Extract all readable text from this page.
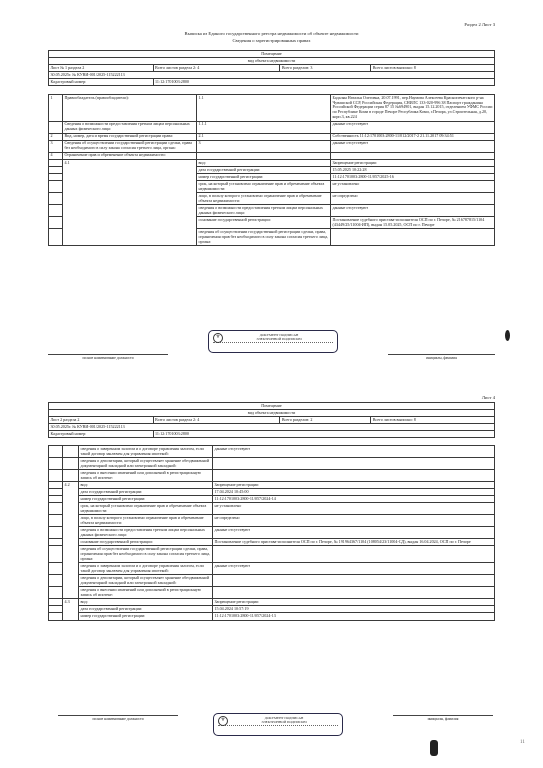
Раздел 2 Лист 3
Выписка из Единого государственного реестра недвижимости об объекте недвижимости
Сведения о зарегистрированных правах
Помещение			
вид объекта недвижимости			
Лист № 1 раздела 2	Всего листов раздела 2: 4	Всего разделов: 3	Всего листов выписки: 8
30.05.2025г. № КУВИ-001/2025-115222113			
Кадастровый номер:	11:12:1701003:2800		
1	Правообладатель (правообладатели):	1.1	Бадалян Наталья Олеговна, 20.07.1991, пер.Наумова Алексеева Краснопечатского р-на Чувашской ССР, Российская Федерация, СНИЛС 133-020-996 38 Паспорт гражданина Российской Федерации серия 87 15 №694901, выдан 15.12.2015, отделением УФМС России по Республике Коми в городе Печоре Республика Коми, г.Печора, ул.Строительная, д.20, корп.3, кв.224
	Сведения о возможности предоставления третьим лицам персональных данных физического лица:	1.1.1	данные отсутствуют
2	Вид, номер, дата и время государственной регистрации права:	2.1	Собственность 11:12:1701003:2800-11/012/2017-2 21.11.2017 09:34:51
3	Сведения об осуществлении государственной регистрации сделки, права без необходимого в силу закона согласия третьего лица, органа:	3	данные отсутствуют
4	Ограничение прав и обременение объекта недвижимости:		
	4.1	вид:	Запрещение регистрации
		дата государственной регистрации:	15.05.2025 10:22:28
		номер государственной регистрации:	11:12:1701003:2800-11/057/2025-16
		срок, на который установлено ограничение прав и обременение объекта недвижимости:	не установлено
		лицо, в пользу которого установлено ограничение прав и обременение объекта недвижимости:	не определено
		сведения о возможности предоставления третьим лицам персональных данных физического лица:	данные отсутствуют
		основание государственной регистрации:	Постановление судебного пристава-исполнителя ОСП по г. Печоре, № 216787815/1104 (43449/25/11004-ИП), выдан 15.05.2025, ОСП по г. Печоре
		сведения об осуществлении государственной регистрации сделки, права, ограничения прав без необходимого в силу закона согласия третьего лица, органа:	
⚜	ДОКУМЕНТ ПОДПИСАН
ЭЛЕКТРОННОЙ ПОДПИСЬЮ
полное наименование должности	инициалы, фамилия
Лист 4
Помещение			
вид объекта недвижимости			
Лист 2 раздела 2	Всего листов раздела 2: 4	Всего разделов: 2	Всего листов выписки: 8
30.05.2025г. № КУВИ-001/2025-115222113			
Кадастровый номер:	11:12:1701003:2800		
		сведения о заверенном залогом и о договоре управления залогом, если такой договор заключен для управления ипотекой:	данные отсутствуют
		сведения о депозитарии, который осуществляет хранение обездвиженной документарной закладной или электронной закладной:	
		сведения о внесении изменений или дополнений в регистрационную запись об ипотеке:	
	4.2	вид:	Запрещение регистрации
		дата государственной регистрации:	17.04.2024 10:45:00
		номер государственной регистрации:	11:12:1701003:2800-11/057/2024-14
		срок, на который установлено ограничение прав и обременение объекта недвижимости:	не установлено
		лицо, в пользу которого установлено ограничение прав и обременение объекта недвижимости:	не определено
		сведения о возможности предоставления третьим лицам персональных данных физического лица:	данные отсутствуют
		основание государственной регистрации:	Постановление судебного пристава-исполнителя ОСП по г. Печоре, № 191964367/1104 (108054/23/11004-СД), выдан 16.04.2024, ОСП по г. Печоре
		сведения об осуществлении государственной регистрации сделки, права, ограничения прав без необходимого в силу закона согласия третьего лица, органа:	
		сведения о заверенном залогом и о договоре управления залогом, если такой договор заключен для управления ипотекой:	данные отсутствуют
		сведения о депозитарии, который осуществляет хранение обездвиженной документарной закладной или электронной закладной:	
		сведения о внесении изменений или дополнений в регистрационную запись об ипотеке:	
	4.3	вид:	Запрещение регистрации
		дата государственной регистрации:	15.04.2024 10:57:19
		номер государственной регистрации:	11:12:1701003:2800-11/057/2024-13
⚜	ДОКУМЕНТ ПОДПИСАН
ЭЛЕКТРОННОЙ ПОДПИСЬЮ
полное наименование должности	инициалы, фамилия
11
